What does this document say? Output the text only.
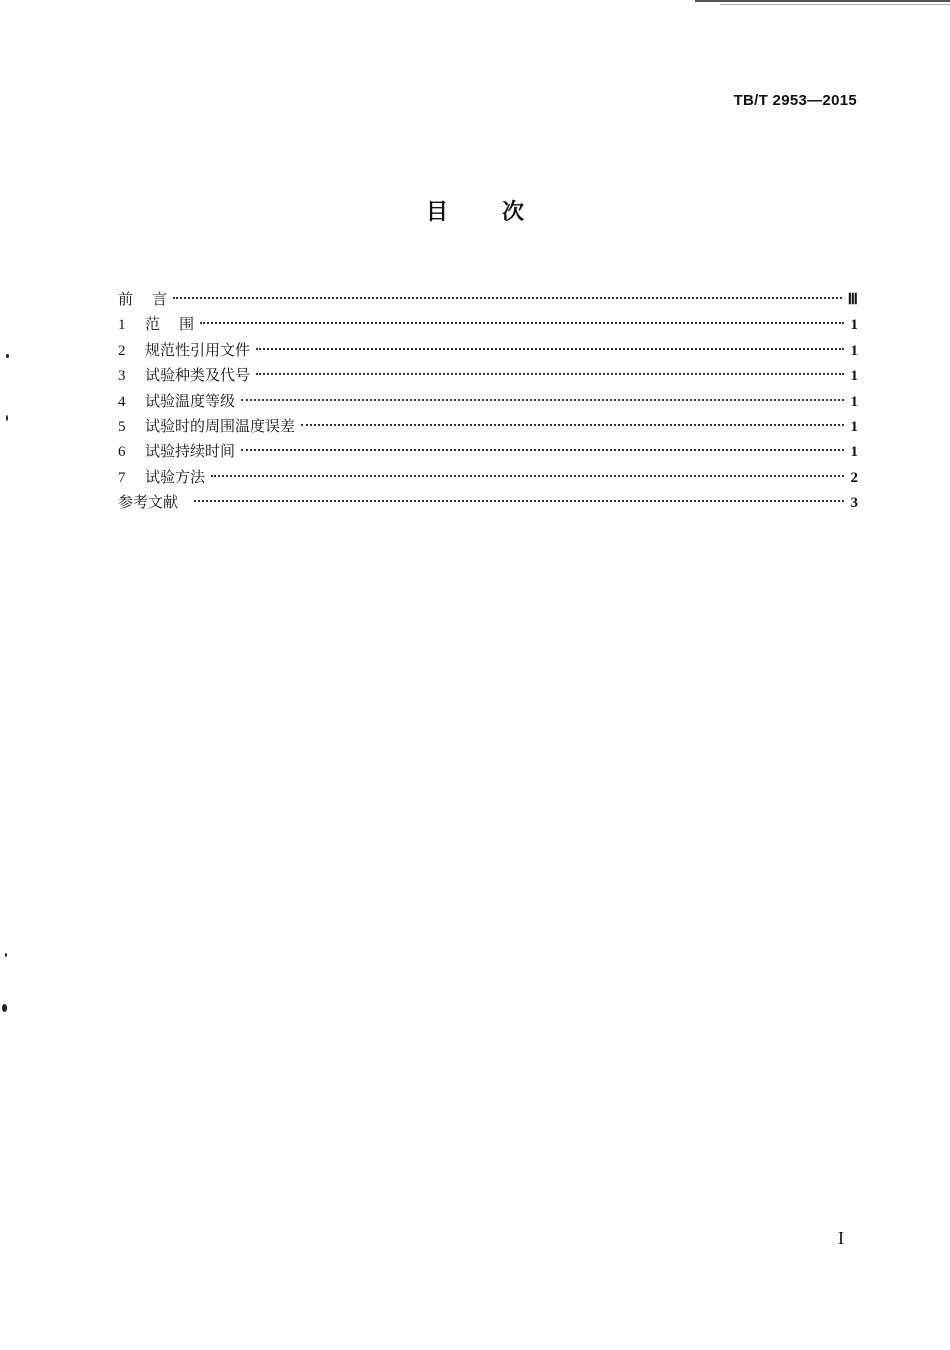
TB/T 2953—2015
目 次
前    言	Ⅲ
1	范    围	1
2	规范性引用文件	1
3	试验种类及代号	1
4	试验温度等级	1
5	试验时的周围温度误差	1
6	试验持续时间	1
7	试验方法	2
参考文献	3
I
